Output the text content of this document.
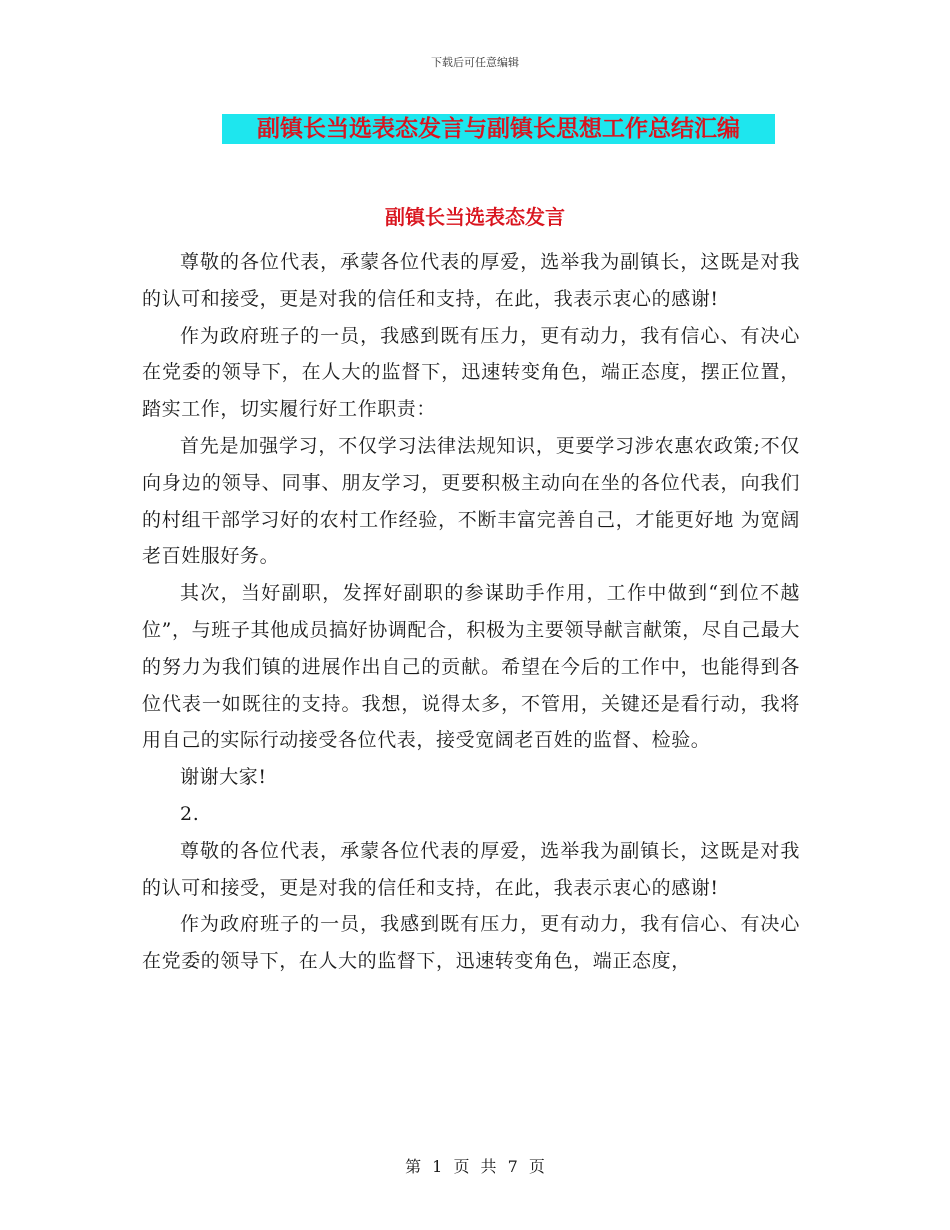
下载后可任意编辑
副镇长当选表态发言与副镇长思想工作总结汇编
副镇长当选表态发言

尊敬的各位代表，承蒙各位代表的厚爱，选举我为副镇长，这既是对我的认可和接受，更是对我的信任和支持，在此，我表示衷心的感谢!

作为政府班子的一员，我感到既有压力，更有动力，我有信心、有决心在党委的领导下，在人大的监督下，迅速转变角色，端正态度，摆正位置，踏实工作，切实履行好工作职责：

首先是加强学习，不仅学习法律法规知识，更要学习涉农惠农政策;不仅向身边的领导、同事、朋友学习，更要积极主动向在坐的各位代表，向我们的村组干部学习好的农村工作经验，不断丰富完善自己，才能更好地 为宽阔老百姓服好务。

其次，当好副职，发挥好副职的参谋助手作用，工作中做到“到位不越位”，与班子其他成员搞好协调配合，积极为主要领导献言献策，尽自己最大的努力为我们镇的进展作出自己的贡献。希望在今后的工作中，也能得到各位代表一如既往的支持。我想，说得太多，不管用，关键还是看行动，我将用自己的实际行动接受各位代表，接受宽阔老百姓的监督、检验。

谢谢大家!

2.

尊敬的各位代表，承蒙各位代表的厚爱，选举我为副镇长，这既是对我的认可和接受，更是对我的信任和支持，在此，我表示衷心的感谢!

作为政府班子的一员，我感到既有压力，更有动力，我有信心、有决心在党委的领导下，在人大的监督下，迅速转变角色，端正态度，

第 1 页 共 7 页
